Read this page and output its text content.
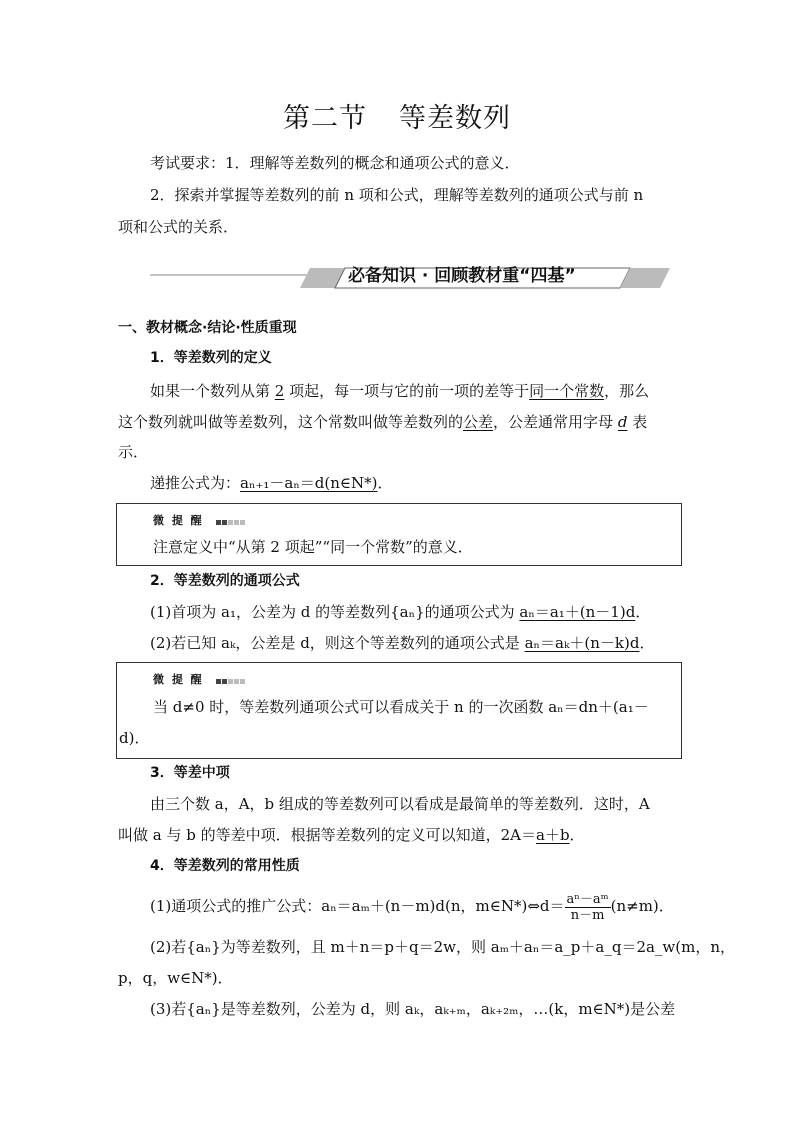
第二节 等差数列
考试要求：1．理解等差数列的概念和通项公式的意义．
2．探索并掌握等差数列的前 n 项和公式，理解等差数列的通项公式与前 n
项和公式的关系．
必备知识 · 回顾教材重“四基”
一、教材概念·结论·性质重现
1．等差数列的定义
如果一个数列从第 2 项起，每一项与它的前一项的差等于同一个常数，那么
这个数列就叫做等差数列，这个常数叫做等差数列的公差，公差通常用字母 d 表
示．
递推公式为：aₙ₊₁－aₙ＝d(n∈N*)．
微 提 醒
注意定义中“从第 2 项起”“同一个常数”的意义．
2．等差数列的通项公式
(1)首项为 a₁，公差为 d 的等差数列{aₙ}的通项公式为 aₙ＝a₁＋(n－1)d．
(2)若已知 aₖ，公差是 d，则这个等差数列的通项公式是 aₙ＝aₖ＋(n－k)d．
微 提 醒
当 d≠0 时，等差数列通项公式可以看成关于 n 的一次函数 aₙ＝dn＋(a₁－
d)．
3．等差中项
由三个数 a，A，b 组成的等差数列可以看成是最简单的等差数列．这时，A
叫做 a 与 b 的等差中项．根据等差数列的定义可以知道，2A＝a＋b．
4．等差数列的常用性质
(1)通项公式的推广公式：aₙ＝aₘ＋(n－m)d(n，m∈N*)⇔d＝ $\frac{\text{aⁿ－aᵐ}}{n-m} (n\ne m)$．
(2)若{aₙ}为等差数列，且 m＋n＝p＋q＝2w，则 aₘ＋aₙ＝a_p＋a_q＝2a_w(m，n，
p，q，w∈N*)．
(3)若{aₙ}是等差数列，公差为 d，则 aₖ，aₖ₊ₘ，aₖ₊₂ₘ，…(k，m∈N*)是公差
